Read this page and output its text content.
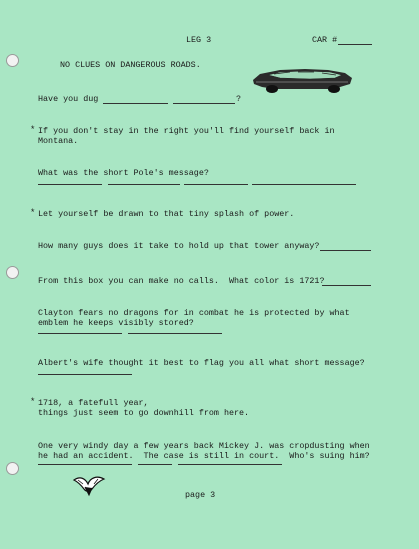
LEG 3	CAR #
NO CLUES ON DANGEROUS ROADS.
Have you dug	?
* If you don't stay in the right you'll find yourself back in
Montana.
What was the short Pole's message?
* Let yourself be drawn to that tiny splash of power.
How many guys does it take to hold up that tower anyway?
From this box you can make no calls.  What color is 1721?
Clayton fears no dragons for in combat he is protected by what
emblem he keeps visibly stored?
Albert's wife thought it best to flag you all what short message?
* 1718, a fatefull year,
things just seem to go downhill from here.
One very windy day a few years back Mickey J. was cropdusting when
he had an accident.  The case is still in court.  Who's suing him?
page 3
